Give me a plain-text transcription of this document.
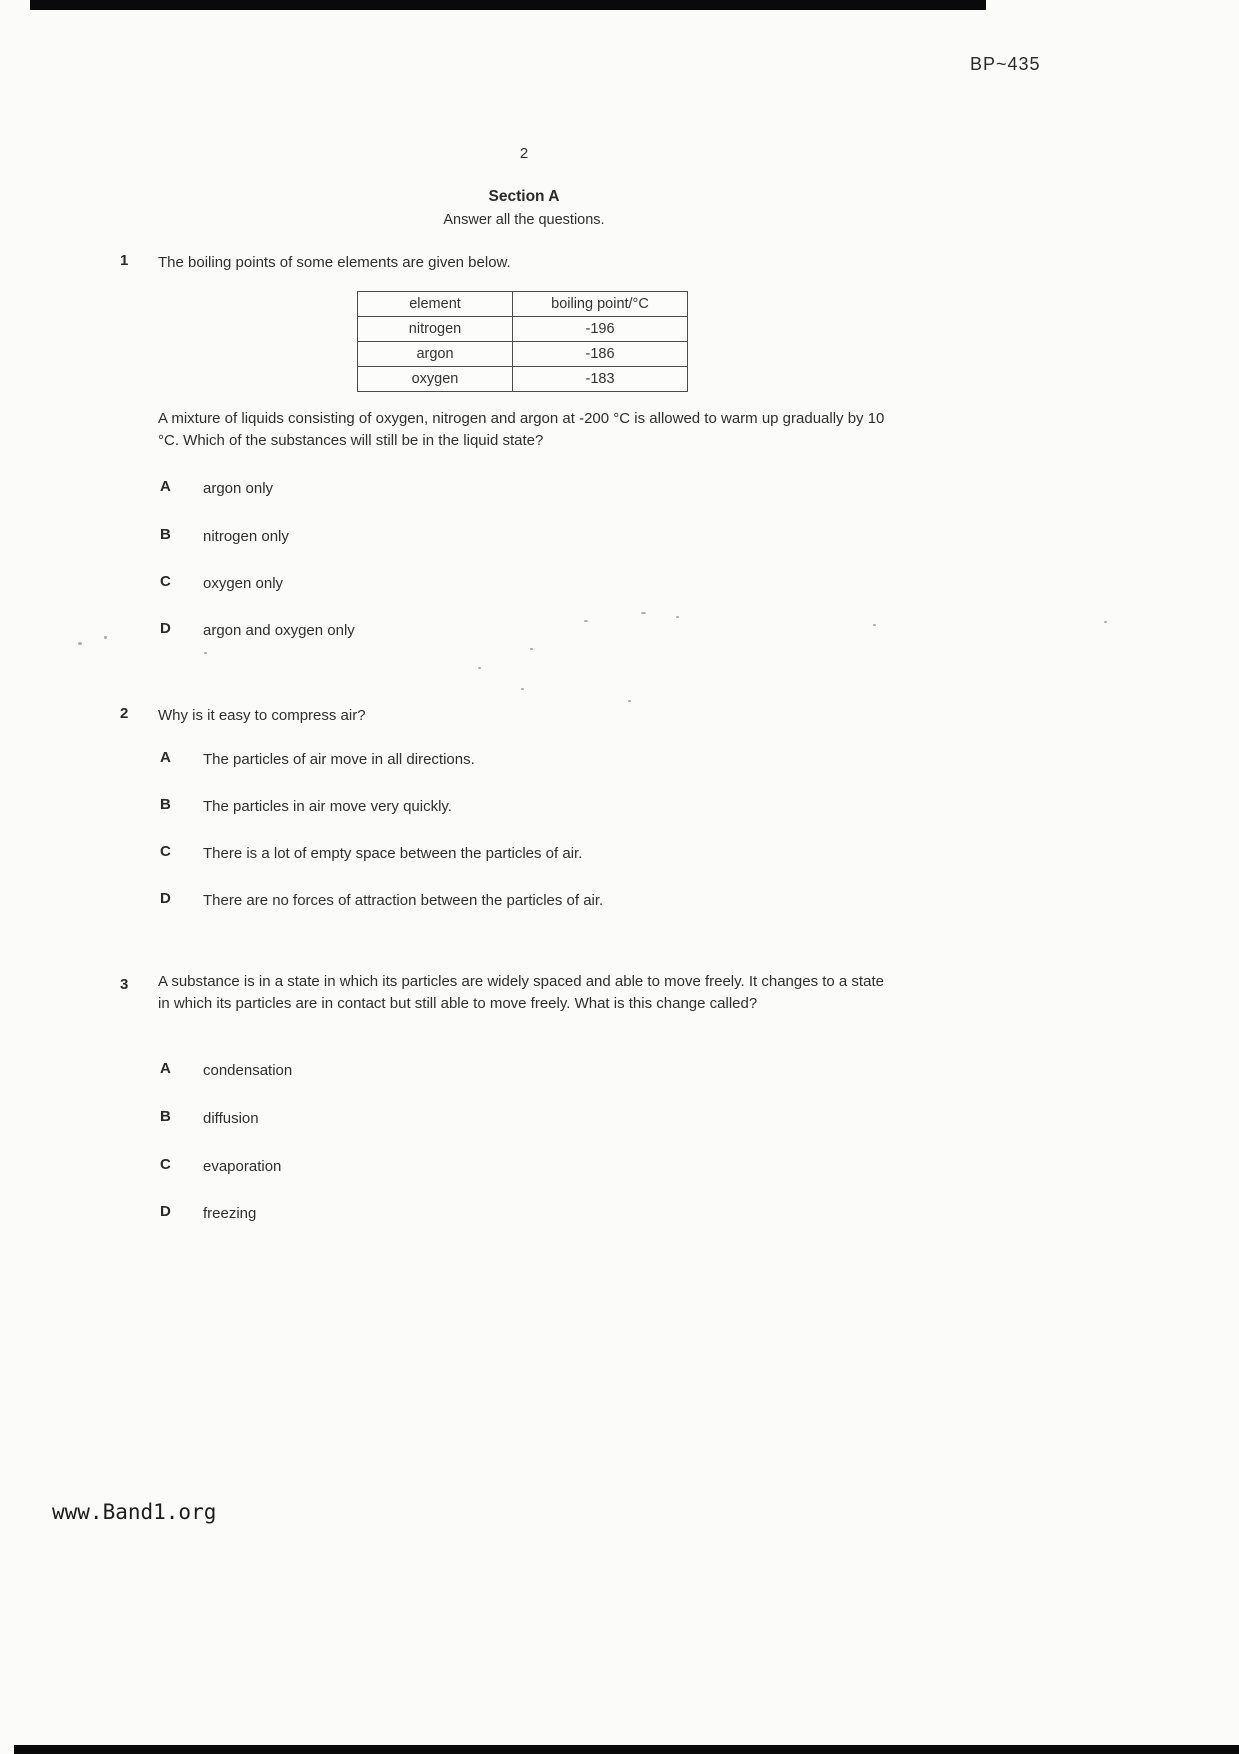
BP~435
2
Section A
Answer all the questions.
1 The boiling points of some elements are given below.
element	boiling point/°C
nitrogen	-196
argon	-186
oxygen	-183

A mixture of liquids consisting of oxygen, nitrogen and argon at -200 °C is allowed to warm up gradually by 10 °C. Which of the substances will still be in the liquid state?

A argon only
B nitrogen only
C oxygen only
D argon and oxygen only
2 Why is it easy to compress air?
A The particles of air move in all directions.
B The particles in air move very quickly.
C There is a lot of empty space between the particles of air.
D There are no forces of attraction between the particles of air.
3 A substance is in a state in which its particles are widely spaced and able to move freely. It changes to a state in which its particles are in contact but still able to move freely. What is this change called?

A condensation
B diffusion
C evaporation
D freezing
www.Band1.org
